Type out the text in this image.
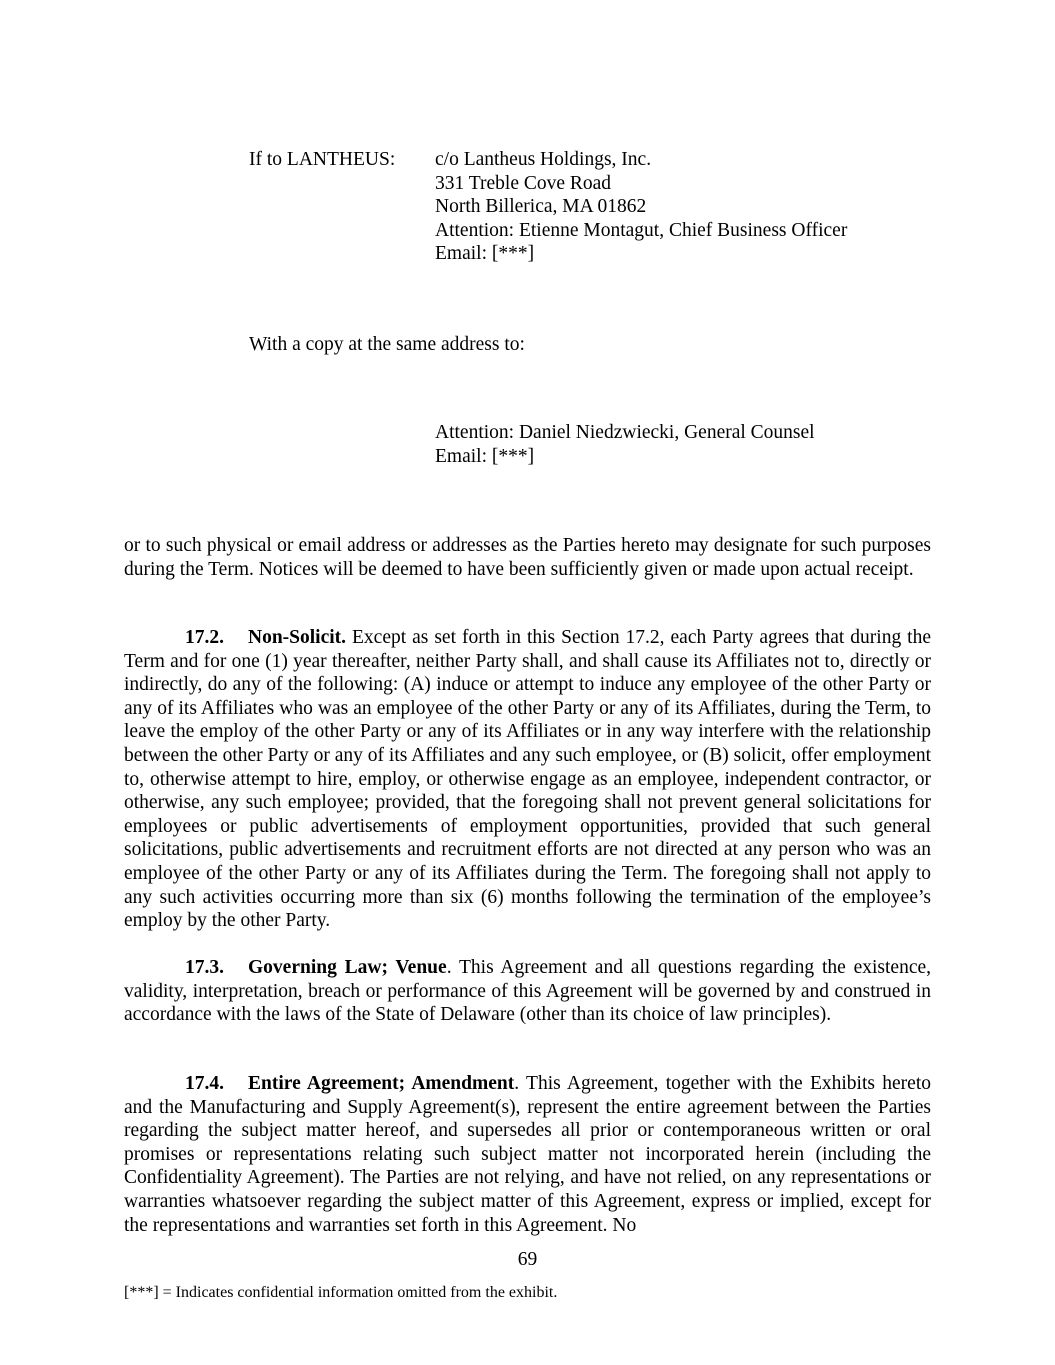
If to LANTHEUS: c/o Lantheus Holdings, Inc.
331 Treble Cove Road
North Billerica, MA 01862
Attention: Etienne Montagut, Chief Business Officer
Email: [***]
With a copy at the same address to:
Attention: Daniel Niedzwiecki, General Counsel
Email: [***]

or to such physical or email address or addresses as the Parties hereto may designate for such purposes during the Term. Notices will be deemed to have been sufficiently given or made upon actual receipt.

17.2. Non-Solicit. Except as set forth in this Section 17.2, each Party agrees that during the Term and for one (1) year thereafter, neither Party shall, and shall cause its Affiliates not to, directly or indirectly, do any of the following: (A) induce or attempt to induce any employee of the other Party or any of its Affiliates who was an employee of the other Party or any of its Affiliates, during the Term, to leave the employ of the other Party or any of its Affiliates or in any way interfere with the relationship between the other Party or any of its Affiliates and any such employee, or (B) solicit, offer employment to, otherwise attempt to hire, employ, or otherwise engage as an employee, independent contractor, or otherwise, any such employee; provided, that the foregoing shall not prevent general solicitations for employees or public advertisements of employment opportunities, provided that such general solicitations, public advertisements and recruitment efforts are not directed at any person who was an employee of the other Party or any of its Affiliates during the Term. The foregoing shall not apply to any such activities occurring more than six (6) months following the termination of the employee’s employ by the other Party.

17.3. Governing Law; Venue. This Agreement and all questions regarding the existence, validity, interpretation, breach or performance of this Agreement will be governed by and construed in accordance with the laws of the State of Delaware (other than its choice of law principles).

17.4. Entire Agreement; Amendment. This Agreement, together with the Exhibits hereto and the Manufacturing and Supply Agreement(s), represent the entire agreement between the Parties regarding the subject matter hereof, and supersedes all prior or contemporaneous written or oral promises or representations relating such subject matter not incorporated herein (including the Confidentiality Agreement). The Parties are not relying, and have not relied, on any representations or warranties whatsoever regarding the subject matter of this Agreement, express or implied, except for the representations and warranties set forth in this Agreement. No

69
[***] = Indicates confidential information omitted from the exhibit.
